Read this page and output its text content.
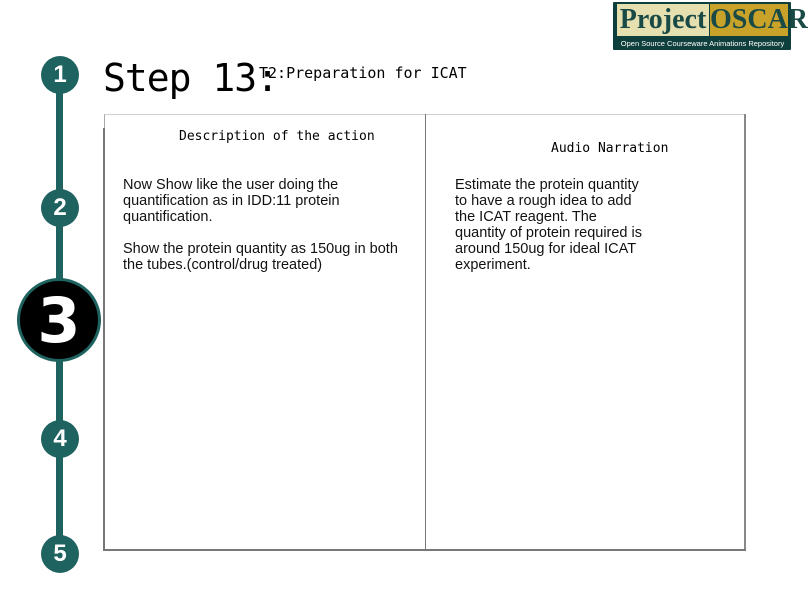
Project OSCAR
Open Source Courseware Animations Repository
1
2
3
4
5
Step 13:
T2:Preparation for ICAT
Description of the action
Audio Narration

Now Show like the user doing the quantification as in IDD:11 protein quantification.

Show the protein quantity as 150ug in both the tubes.(control/drug treated)

Estimate the protein quantity to have a rough idea to add the ICAT reagent. The quantity of protein required is around 150ug for ideal ICAT experiment.
